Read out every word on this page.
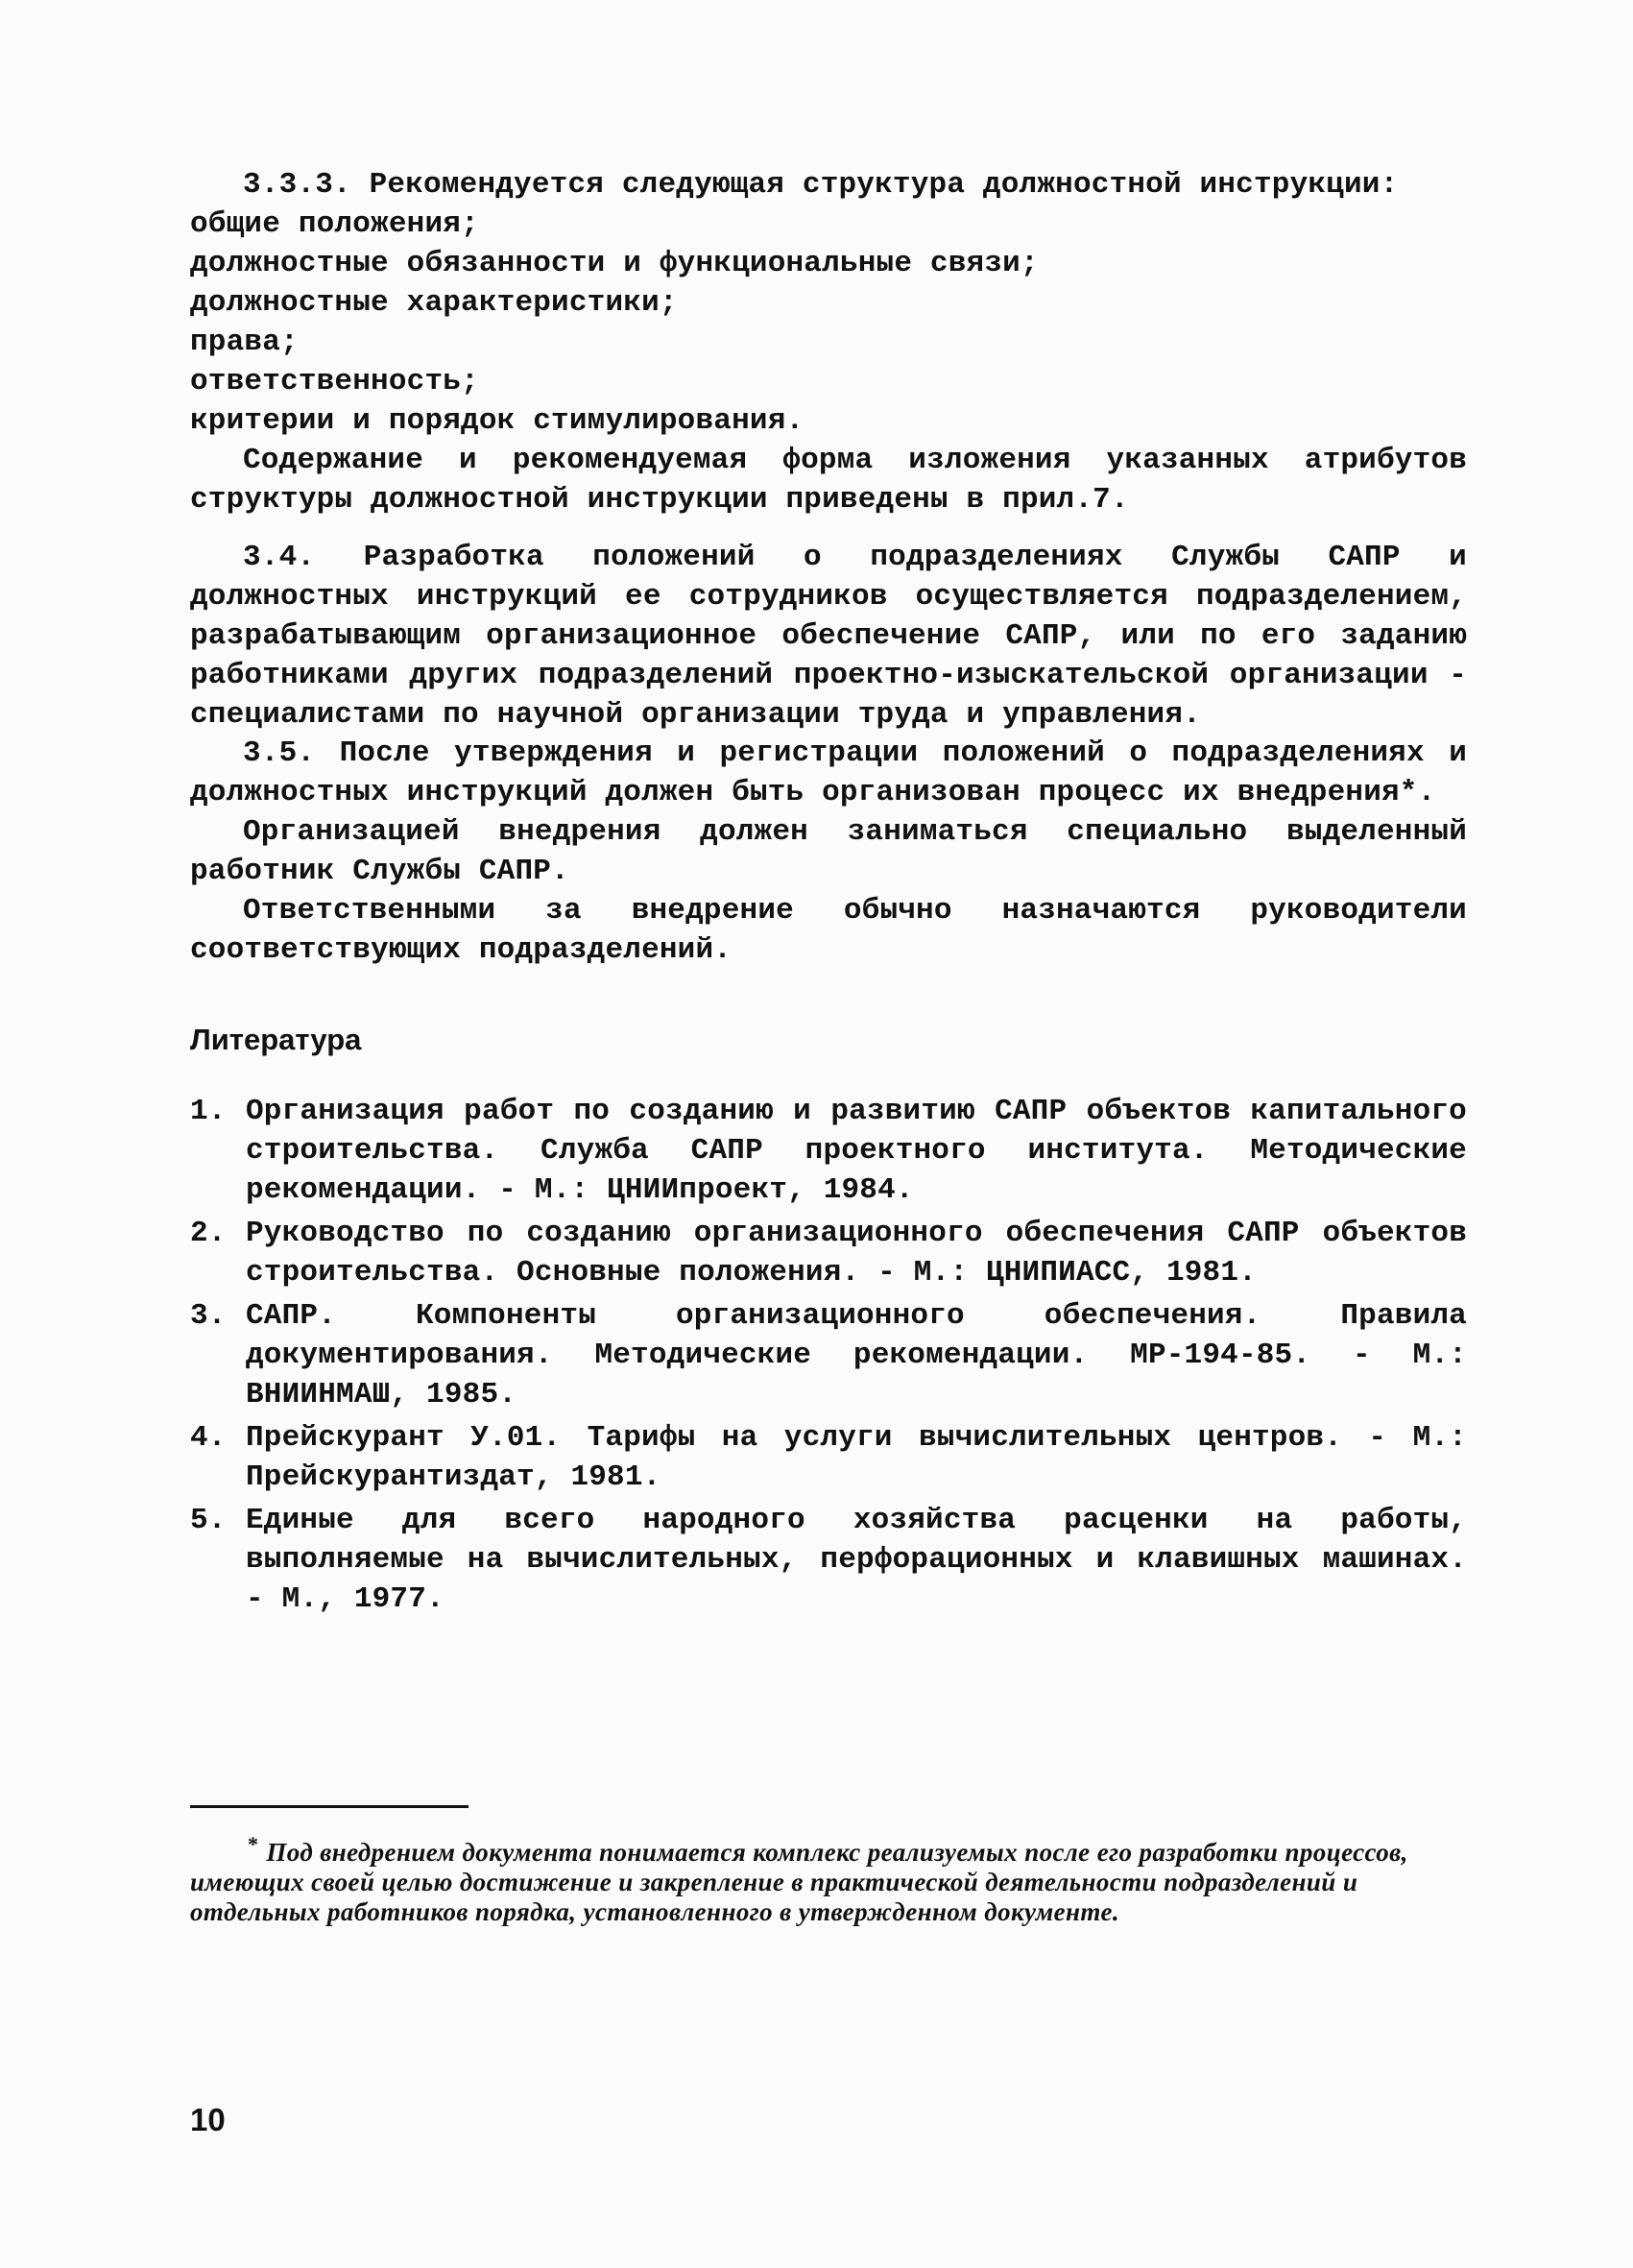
3.3.3. Рекомендуется следующая структура должностной инструкции:
общие положения;
должностные обязанности и функциональные связи;
должностные характеристики;
права;
ответственность;
критерии и порядок стимулирования.

Содержание и рекомендуемая форма изложения указанных атрибутов структуры должностной инструкции приведены в прил.7.

3.4. Разработка положений о подразделениях Службы САПР и должностных инструкций ее сотрудников осуществляется подразделением, разрабатывающим организационное обеспечение САПР, или по его заданию работниками других подразделений проектно-изыскательской организации - специалистами по научной организации труда и управления.

3.5. После утверждения и регистрации положений о подразделениях и должностных инструкций должен быть организован процесс их внедрения*.

Организацией внедрения должен заниматься специально выделенный работник Службы САПР.

Ответственными за внедрение обычно назначаются руководители соответствующих подразделений.

Литература
1. Организация работ по созданию и развитию САПР объектов капитального строительства. Служба САПР проектного института. Методические рекомендации. - М.: ЦНИИпроект, 1984.
2. Руководство по созданию организационного обеспечения САПР объектов строительства. Основные положения. - М.: ЦНИПИАСС, 1981.
3. САПР. Компоненты организационного обеспечения. Правила документирования. Методические рекомендации. МР-194-85. - М.: ВНИИНМАШ, 1985.
4. Прейскурант У.01. Тарифы на услуги вычислительных центров. - М.: Прейскурантиздат, 1981.
5. Единые для всего народного хозяйства расценки на работы, выполняемые на вычислительных, перфорационных и клавишных машинах. - М., 1977.
* Под внедрением документа понимается комплекс реализуемых после его разработки процессов, имеющих своей целью достижение и закрепление в практической деятельности подразделений и отдельных работников порядка, установленного в утвержденном документе.
10
